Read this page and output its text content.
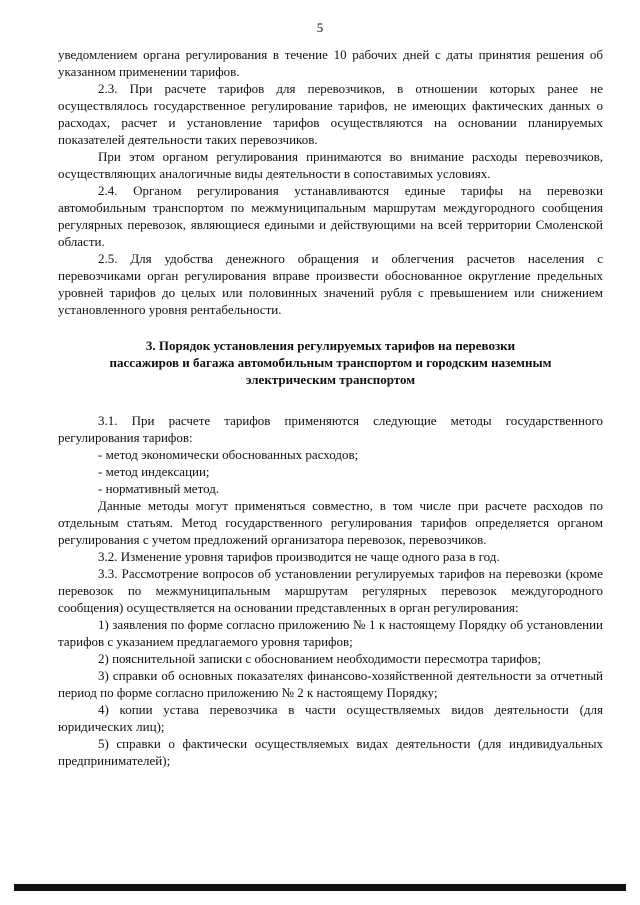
5

уведомлением органа регулирования в течение 10 рабочих дней с даты принятия решения об указанном применении тарифов.

2.3. При расчете тарифов для перевозчиков, в отношении которых ранее не осуществлялось государственное регулирование тарифов, не имеющих фактических данных о расходах, расчет и установление тарифов осуществляются на основании планируемых показателей деятельности таких перевозчиков.

При этом органом регулирования принимаются во внимание расходы перевозчиков, осуществляющих аналогичные виды деятельности в сопоставимых условиях.

2.4. Органом регулирования устанавливаются единые тарифы на перевозки автомобильным транспортом по межмуниципальным маршрутам междугородного сообщения регулярных перевозок, являющиеся едиными и действующими на всей территории Смоленской области.

2.5. Для удобства денежного обращения и облегчения расчетов населения с перевозчиками орган регулирования вправе произвести обоснованное округление предельных уровней тарифов до целых или половинных значений рубля с превышением или снижением установленного уровня рентабельности.

3. Порядок установления регулируемых тарифов на перевозки
пассажиров и багажа автомобильным транспортом и городским наземным
электрическим транспортом

3.1. При расчете тарифов применяются следующие методы государственного регулирования тарифов:

- метод экономически обоснованных расходов;

- метод индексации;

- нормативный метод.

Данные методы могут применяться совместно, в том числе при расчете расходов по отдельным статьям. Метод государственного регулирования тарифов определяется органом регулирования с учетом предложений организатора перевозок, перевозчиков.

3.2. Изменение уровня тарифов производится не чаще одного раза в год.

3.3. Рассмотрение вопросов об установлении регулируемых тарифов на перевозки (кроме перевозок по межмуниципальным маршрутам регулярных перевозок междугородного сообщения) осуществляется на основании представленных в орган регулирования:

1) заявления по форме согласно приложению № 1 к настоящему Порядку об установлении тарифов с указанием предлагаемого уровня тарифов;

2) пояснительной записки с обоснованием необходимости пересмотра тарифов;

3) справки об основных показателях финансово-хозяйственной деятельности за отчетный период по форме согласно приложению № 2 к настоящему Порядку;

4) копии устава перевозчика в части осуществляемых видов деятельности (для юридических лиц);

5) справки о фактически осуществляемых видах деятельности (для индивидуальных предпринимателей);
